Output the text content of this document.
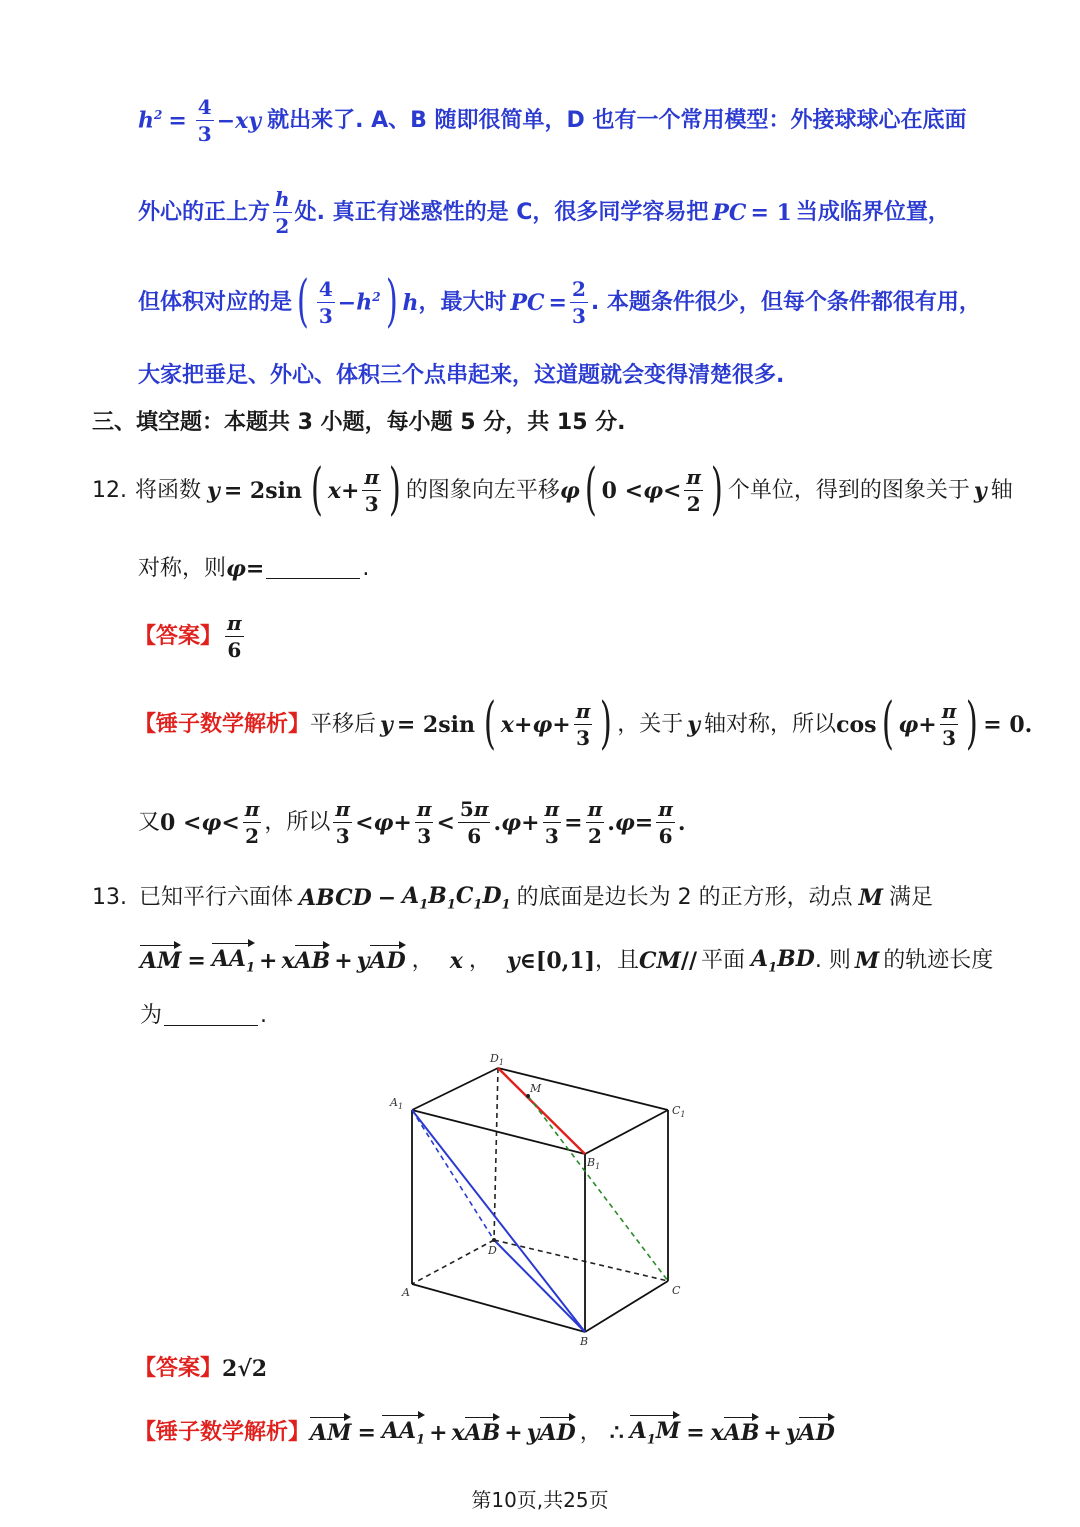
$h^2 = \frac{4}{3}$ − xy 就出来了. A、B 随即很简单，D 也有一个常用模型：外接球球心在底面
外心的正上方 $\frac{h}{2}$ 处. 真正有迷惑性的是 C，很多同学容易把 PC = 1 当成临界位置，
但体积对应的是 ( $\frac{4}{3} - h^2$ ) h ，最大时 PC = $\frac{2}{3}$ . 本题条件很少，但每个条件都很有用，
大家把垂足、外心、体积三个点串起来，这道题就会变得清楚很多.
三、填空题：本题共 3 小题，每小题 5 分，共 15 分.
12. 将函数 y = 2sin ( $x + \frac{\pi}{3}$ ) 的图象向左平移 φ ( $0 < \varphi < \frac{\pi}{2}$ ) 个单位，得到的图象关于 y 轴
对称，则 φ =	.
【答案】 $\frac{\pi}{6}$
【锤子数学解析】 平移后 y = 2sin ( $x + \varphi + \frac{\pi}{3}$ ) ，关于 y 轴对称，所以 cos ( $\varphi + \frac{\pi}{3}$ ) = 0.
又 $0 < \varphi < \frac{\pi}{2}$ ，所以 $\frac{\pi}{3} < \varphi + \frac{\pi}{3} < \frac{5\pi}{6}$ . $\varphi + \frac{\pi}{3} = \frac{\pi}{2}$ . $\varphi = \frac{\pi}{6}$ .
13. 已知平行六面体 ABCD − $A_1B_1C_1D_1$ 的底面是边长为 2 的正方形，动点 M 满足
AM = $AA_1 + x$ AB + y AD ， x ， y ∈[0,1] ， 且 CM // 平面 $A_1BD$ . 则 M 的轨迹长度
为	.
$D_1$
$A_1$	$C_1$
$B_1$
M
D
A	C
B
【答案】 2√2
【锤子数学解析】 AM = $AA_1 + x$ AB + y AD ， ∴ $A_1M = x$ AB + y AD
第10页,共25页
